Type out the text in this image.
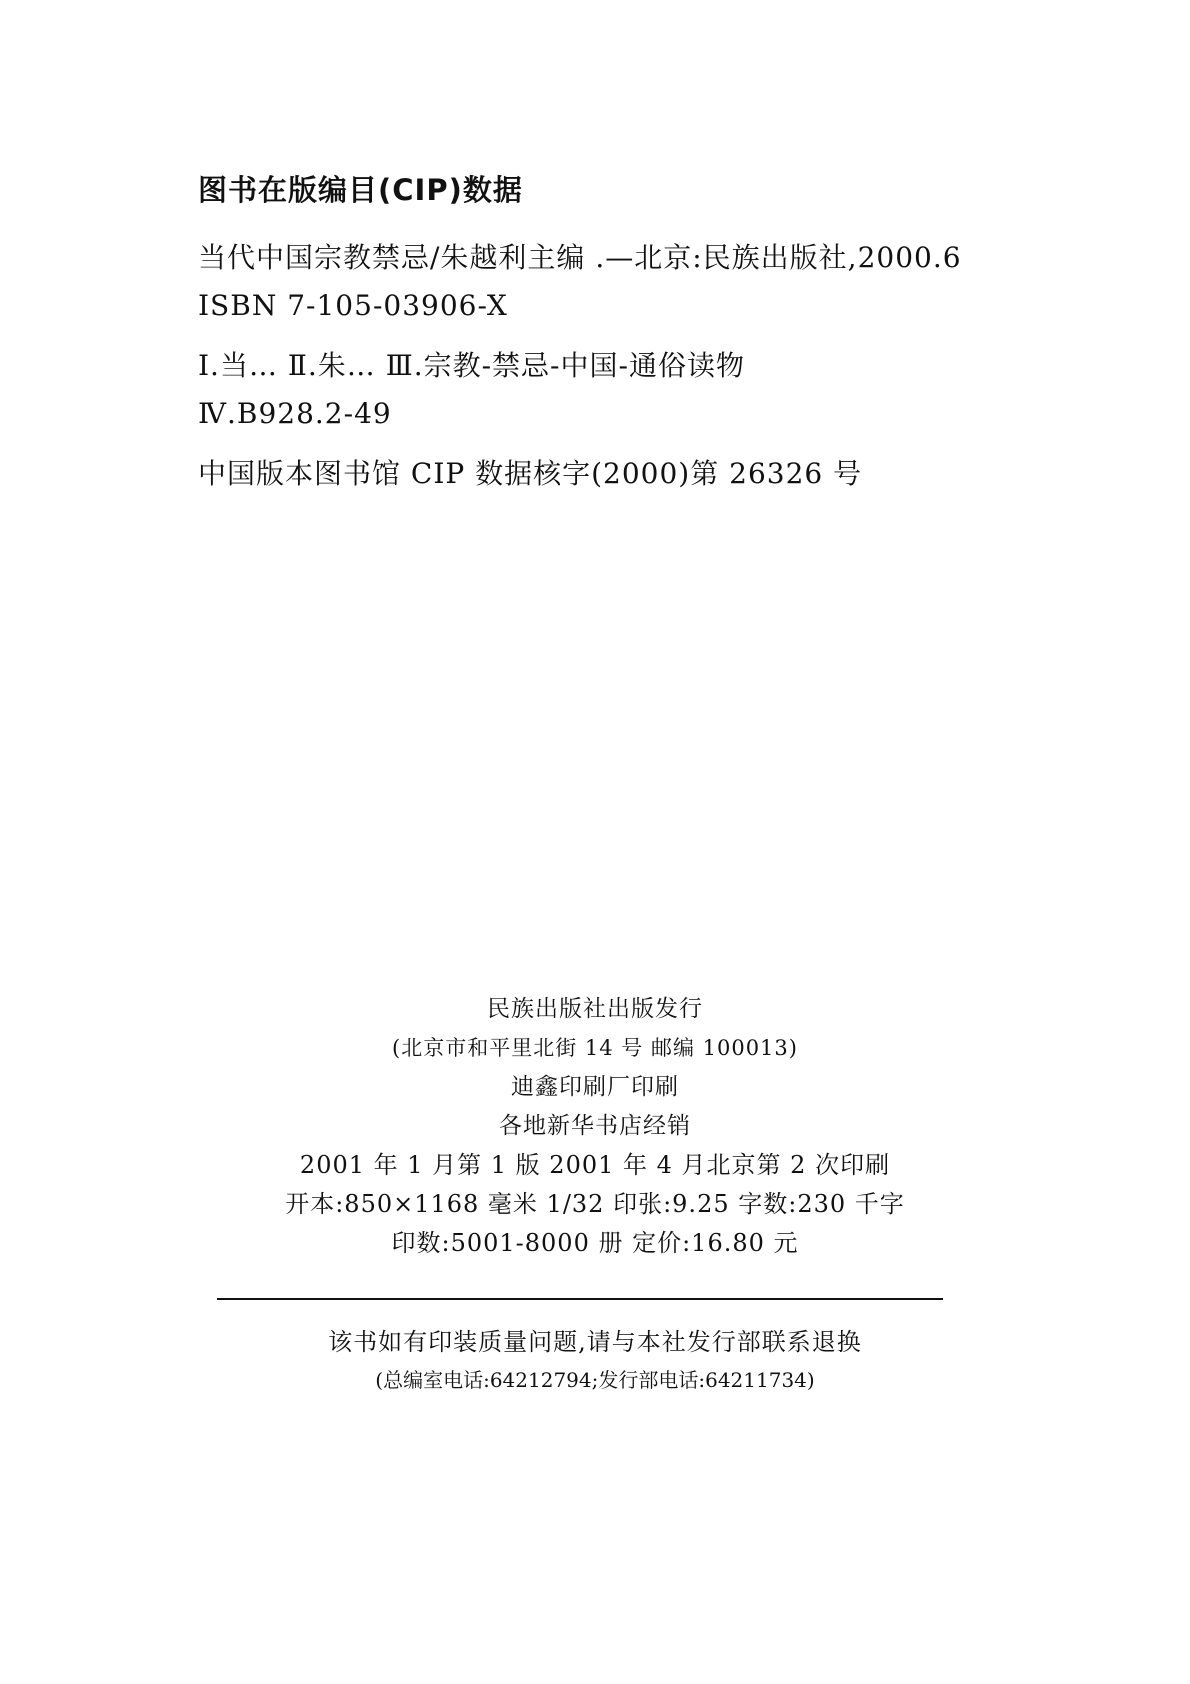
图书在版编目(CIP)数据

当代中国宗教禁忌/朱越利主编 .—北京:民族出版社,2000.6

ISBN 7-105-03906-X

Ⅰ.当… Ⅱ.朱… Ⅲ.宗教-禁忌-中国-通俗读物

Ⅳ.B928.2-49

中国版本图书馆 CIP 数据核字(2000)第 26326 号

民族出版社出版发行

(北京市和平里北街 14 号 邮编 100013)

迪鑫印刷厂印刷

各地新华书店经销

2001 年 1 月第 1 版 2001 年 4 月北京第 2 次印刷

开本:850×1168 毫米 1/32 印张:9.25 字数:230 千字

印数:5001-8000 册 定价:16.80 元

该书如有印装质量问题,请与本社发行部联系退换

(总编室电话:64212794;发行部电话:64211734)
